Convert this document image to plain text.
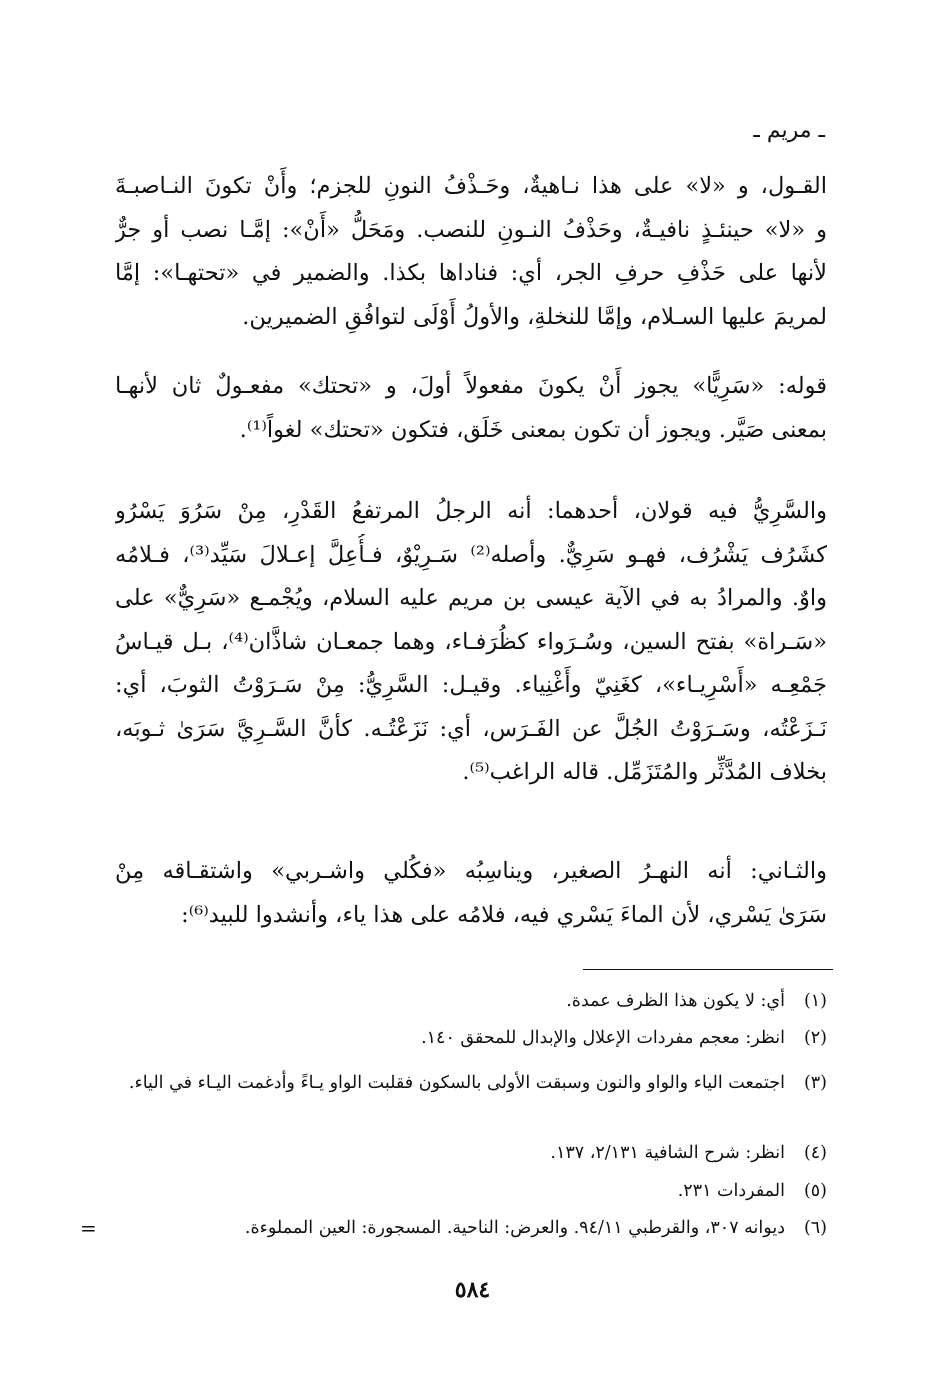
ـ مريم ـ
القـول، و «لا» على هذا نـاهيةٌ، وحَـذْفُ النونِ للجزم؛ وأَنْ تكونَ النـاصبـةَ
و «لا» حينئـذٍ نافيـةٌ، وحَذْفُ النـونِ للنصب. ومَحَلُّ «أَنْ»: إمَّـا نصب أو جرٌّ
لأنها على حَذْفِ حرفِ الجر، أي: فناداها بكذا. والضمير في «تحتهـا»: إمَّا
لمريمَ عليها السـلام، وإمَّا للنخلةِ، والأولُ أَوْلَى لتوافُقِ الضميرين.
قوله: «سَرِيًّا» يجوز أَنْ يكونَ مفعولاً أولَ، و «تحتك» مفعـولٌ ثان لأنهـا
بمعنى صَيَّر. ويجوز أن تكون بمعنى خَلَق، فتكون «تحتك» لغواً⁽¹⁾.
والسَّرِيُّ فيه قولان، أحدهما: أنه الرجلُ المرتفعُ القَدْرِ، مِنْ سَرُوَ يَسْرُو
كشَرُف يَشْرُف، فهـو سَرِيٌّ. وأصله⁽²⁾ سَـرِيْوٌ، فـأُعِلَّ إعـلالَ سَيِّد⁽³⁾، فـلامُه
واوٌ. والمرادُ به في الآية عيسى بن مريم عليه السلام، ويُجْمـع «سَرِيٌّ» على
«سَـراة» بفتح السين، وسُـرَواء كظُرَفـاء، وهما جمعـان شاذَّان⁽⁴⁾، بـل قيـاسُ
جَمْعِـه «أَسْرِيـاء»، كغَنِيّ وأَغْنِياء. وقيـل: السَّرِيُّ: مِنْ سَـرَوْتُ الثوبَ، أي:
نَـزَعْتُه، وسَـرَوْتُ الجُلَّ عن الفَـرَس، أي: نَزَعْتُـه. كأنَّ السَّـرِيَّ سَرَىٰ ثـوبَه،
بخلاف المُدَّثِّر والمُتَزَمِّل. قاله الراغب⁽⁵⁾.
والثـاني: أنه النهـرُ الصغير، ويناسِبُه «فكُلي واشـربي» واشتقـاقه مِنْ
سَرَىٰ يَسْري، لأن الماءَ يَسْري فيه، فلامُه على هذا ياء، وأنشدوا للبيد⁽⁶⁾:
(١)
أي: لا يكون هذا الظرف عمدة.
(٢)
انظر: معجم مفردات الإعلال والإبدال للمحقق ١٤٠.
(٣)
اجتمعت الياء والواو والنون وسبقت الأولى بالسكون فقلبت الواو يـاءً وأدغمت اليـاء في الياء.
(٤)
انظر: شرح الشافية ٢/١٣١، ١٣٧.
(٥)
المفردات ٢٣١.
(٦)
ديوانه ٣٠٧، والقرطبي ٩٤/١١. والعرض: الناحية. المسجورة: العين المملوءة.
=
٥٨٤
